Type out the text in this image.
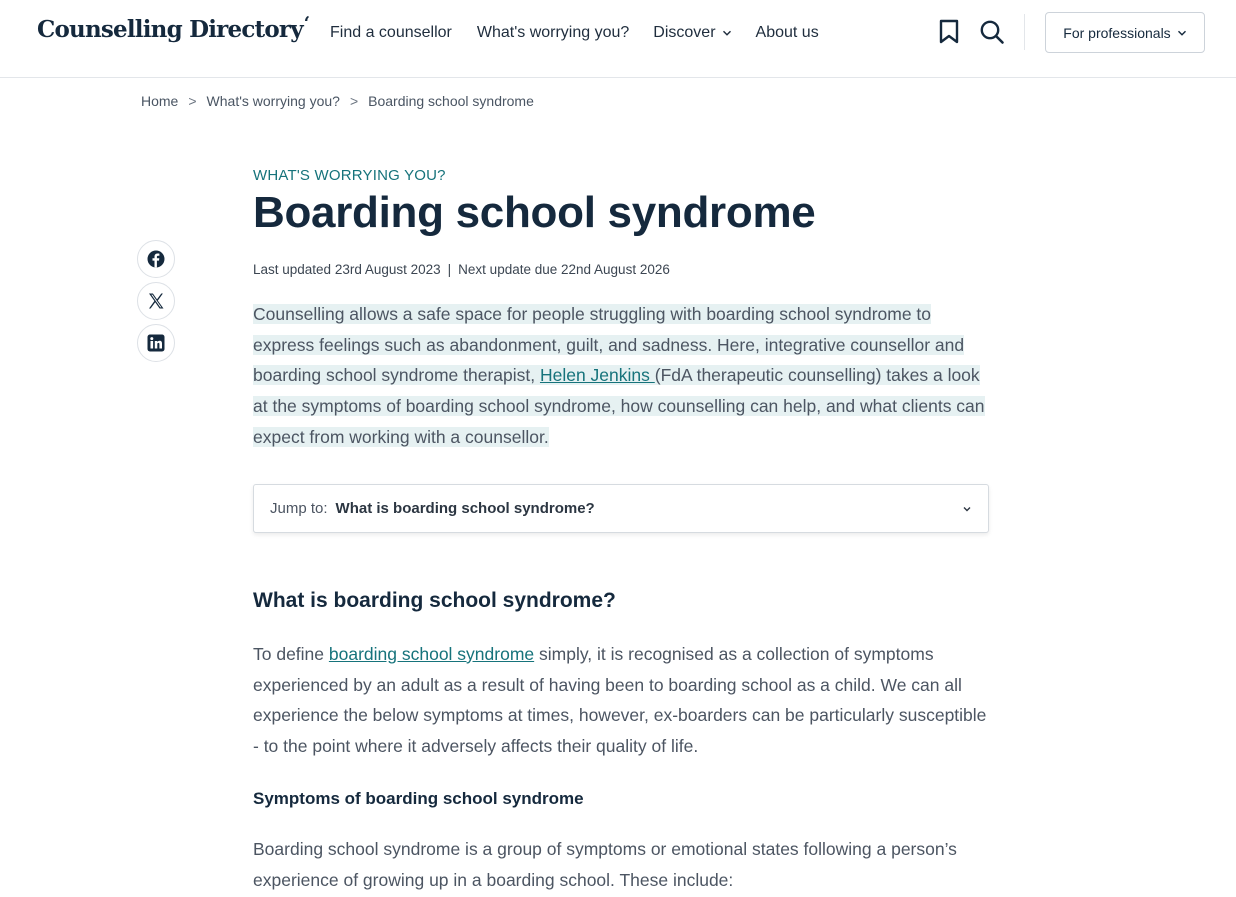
Counselling Directory$^ʻ$ Find a counsellor What's worrying you? Discover	About us	For professionals
Home > What's worrying you? > Boarding school syndrome
WHAT'S WORRYING YOU?
Boarding school syndrome
Last updated 23rd August 2023 | Next update due 22nd August 2026

Counselling allows a safe space for people struggling with boarding school syndrome to express feelings such as abandonment, guilt, and sadness. Here, integrative counsellor and boarding school syndrome therapist, Helen Jenkins (FdA therapeutic counselling) takes a look at the symptoms of boarding school syndrome, how counselling can help, and what clients can expect from working with a counsellor.

Jump to: What is boarding school syndrome?
What is boarding school syndrome?

To define boarding school syndrome simply, it is recognised as a collection of symptoms experienced by an adult as a result of having been to boarding school as a child. We can all experience the below symptoms at times, however, ex-boarders can be particularly susceptible - to the point where it adversely affects their quality of life.

Symptoms of boarding school syndrome

Boarding school syndrome is a group of symptoms or emotional states following a person’s experience of growing up in a boarding school. These include:
